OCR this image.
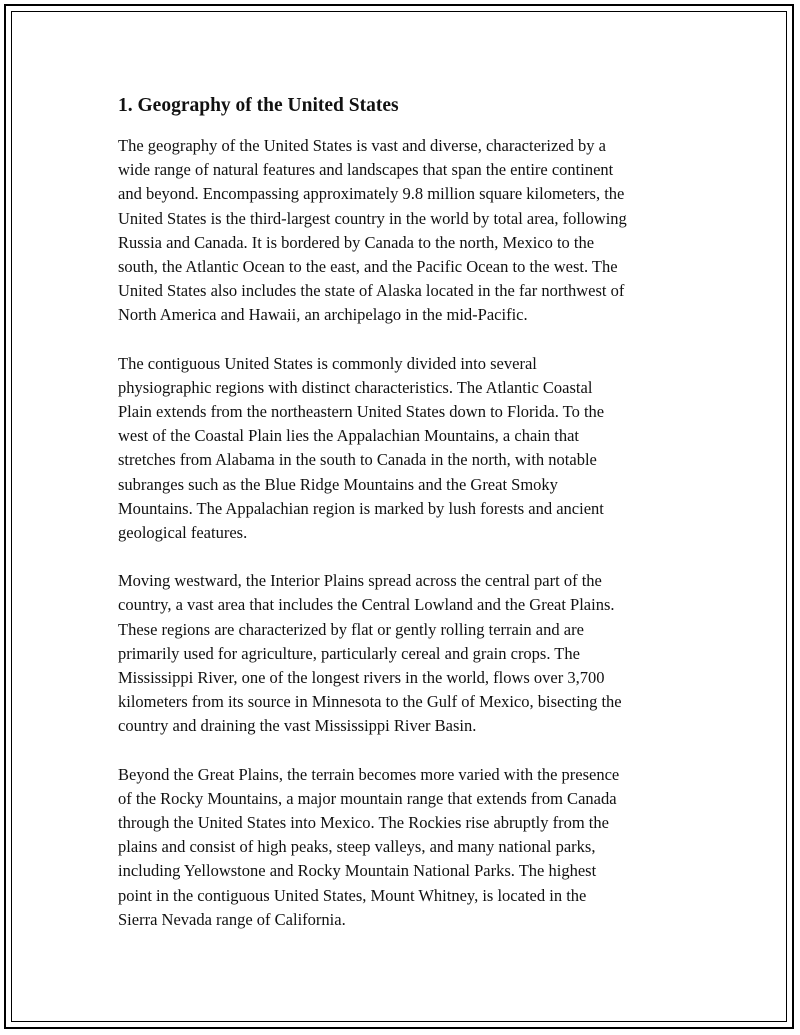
1. Geography of the United States

The geography of the United States is vast and diverse, characterized by a
wide range of natural features and landscapes that span the entire continent
and beyond. Encompassing approximately 9.8 million square kilometers, the
United States is the third-largest country in the world by total area, following
Russia and Canada. It is bordered by Canada to the north, Mexico to the
south, the Atlantic Ocean to the east, and the Pacific Ocean to the west. The
United States also includes the state of Alaska located in the far northwest of
North America and Hawaii, an archipelago in the mid-Pacific.

The contiguous United States is commonly divided into several
physiographic regions with distinct characteristics. The Atlantic Coastal
Plain extends from the northeastern United States down to Florida. To the
west of the Coastal Plain lies the Appalachian Mountains, a chain that
stretches from Alabama in the south to Canada in the north, with notable
subranges such as the Blue Ridge Mountains and the Great Smoky
Mountains. The Appalachian region is marked by lush forests and ancient
geological features.

Moving westward, the Interior Plains spread across the central part of the
country, a vast area that includes the Central Lowland and the Great Plains.
These regions are characterized by flat or gently rolling terrain and are
primarily used for agriculture, particularly cereal and grain crops. The
Mississippi River, one of the longest rivers in the world, flows over 3,700
kilometers from its source in Minnesota to the Gulf of Mexico, bisecting the
country and draining the vast Mississippi River Basin.

Beyond the Great Plains, the terrain becomes more varied with the presence
of the Rocky Mountains, a major mountain range that extends from Canada
through the United States into Mexico. The Rockies rise abruptly from the
plains and consist of high peaks, steep valleys, and many national parks,
including Yellowstone and Rocky Mountain National Parks. The highest
point in the contiguous United States, Mount Whitney, is located in the
Sierra Nevada range of California.
